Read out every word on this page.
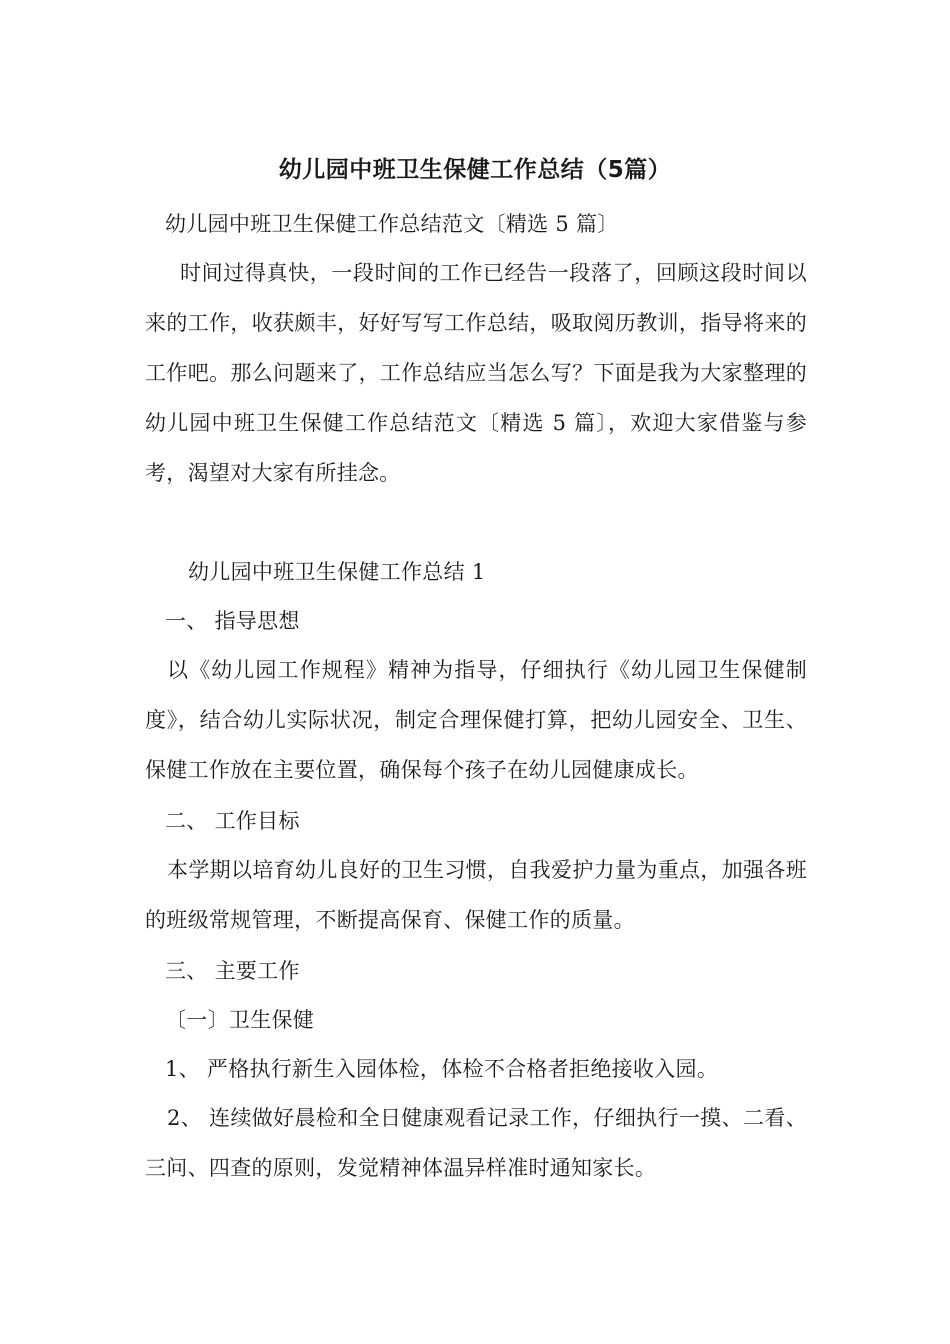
幼儿园中班卫生保健工作总结（5篇）
幼儿园中班卫生保健工作总结范文〔精选 5 篇〕
时间过得真快，一段时间的工作已经告一段落了，回顾这段时间以来的工作，收获颇丰，好好写写工作总结，吸取阅历教训，指导将来的工作吧。那么问题来了，工作总结应当怎么写？下面是我为大家整理的幼儿园中班卫生保健工作总结范文〔精选 5 篇〕，欢迎大家借鉴与参考，渴望对大家有所挂念。
幼儿园中班卫生保健工作总结 1
一、 指导思想
以《幼儿园工作规程》精神为指导，仔细执行《幼儿园卫生保健制度》，结合幼儿实际状况，制定合理保健打算，把幼儿园安全、卫生、保健工作放在主要位置，确保每个孩子在幼儿园健康成长。
二、 工作目标
本学期以培育幼儿良好的卫生习惯，自我爱护力量为重点，加强各班的班级常规管理，不断提高保育、保健工作的质量。
三、 主要工作
〔一〕卫生保健
1、 严格执行新生入园体检，体检不合格者拒绝接收入园。
2、 连续做好晨检和全日健康观看记录工作，仔细执行一摸、二看、三问、四查的原则，发觉精神体温异样准时通知家长。
